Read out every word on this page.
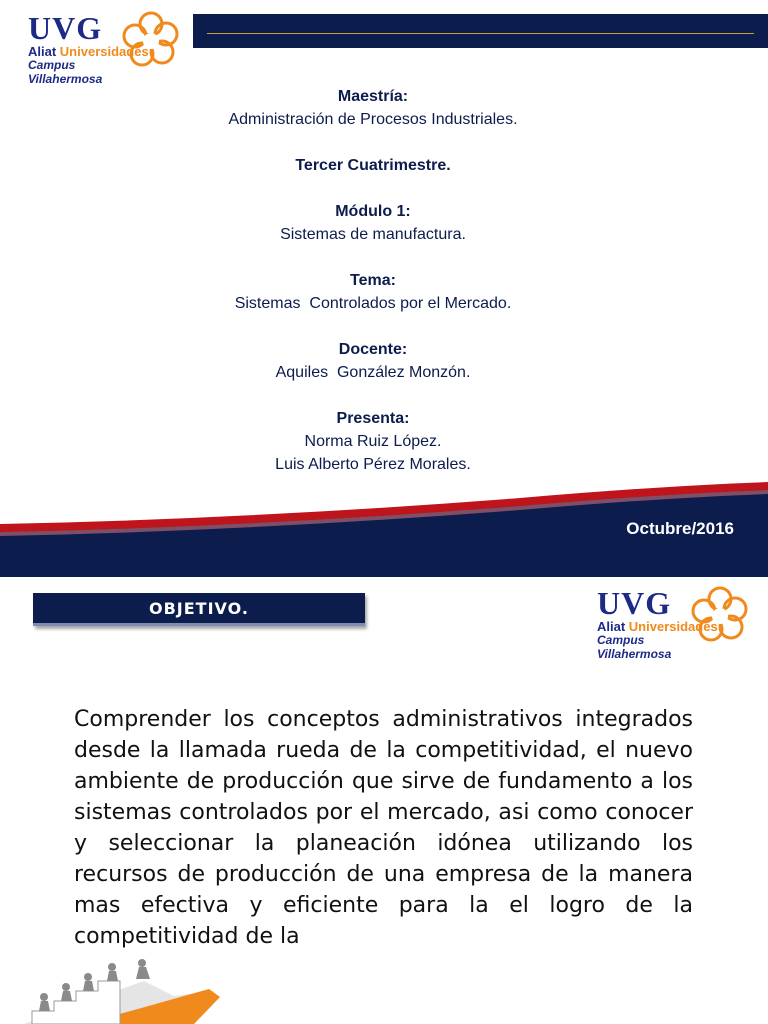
UVG
Aliat Universidades
Campus
Villahermosa
Maestría:
Administración de Procesos Industriales.
Tercer Cuatrimestre.
Módulo 1:
Sistemas de manufactura.
Tema:
Sistemas  Controlados por el Mercado.
Docente:
Aquiles  González Monzón.
Presenta:
Norma Ruiz López.
Luis Alberto Pérez Morales.
Octubre/2016
OBJETIVO.	UVG
Aliat Universidades
Campus
Villahermosa
Comprender los conceptos administrativos integrados desde la llamada rueda de la competitividad, el nuevo ambiente de producción que sirve de fundamento a los sistemas controlados por el mercado, asi como conocer y seleccionar la planeación idónea utilizando los recursos de producción de una empresa de la manera mas efectiva y eficiente para la el logro de la competitividad de la
